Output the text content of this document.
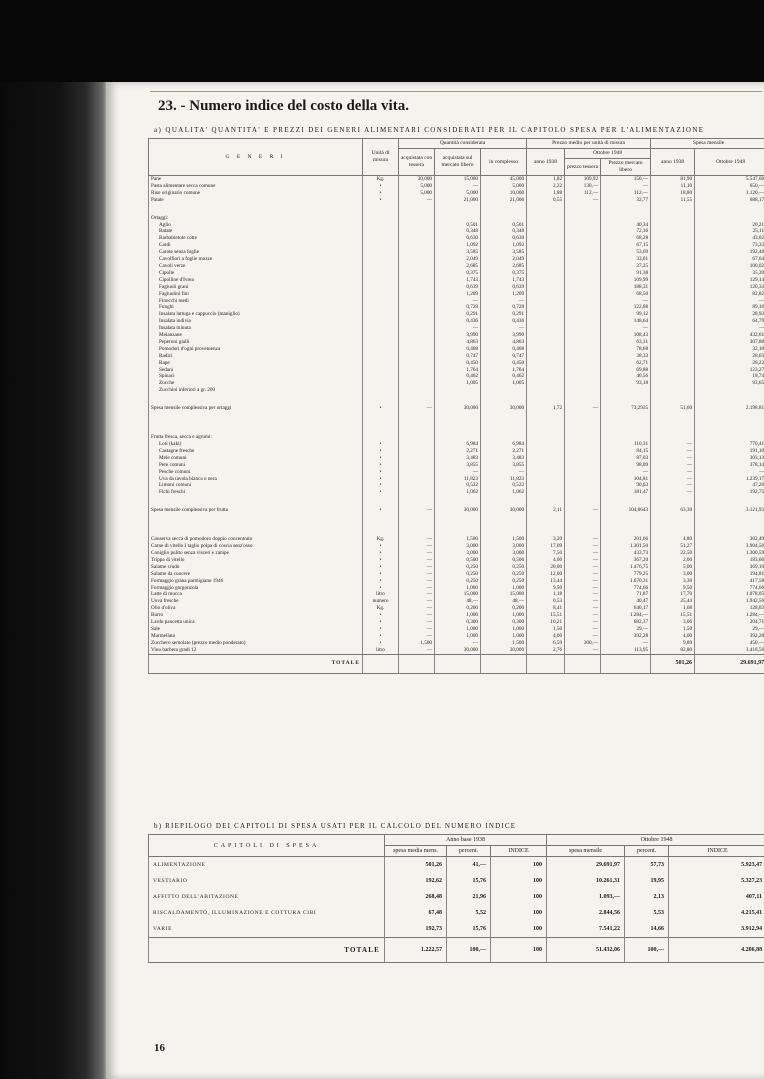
23. - Numero indice del costo della vita.
a) QUALITA' QUANTITA' E PREZZI DEI GENERI ALIMENTARI CONSIDERATI PER IL CAPITOLO SPESA PER L'ALIMENTAZIONE
G E N E R I	Unità di misura	Quantità considerata			Prezzo medio per unità di misura			Spesa mensile	
		acquistata con tessera	acquistata sul mercato libero	in complesso	anno 1938	Ottobre 1948		anno 1938	Ottobre 1948
						prezzo tessera	Prezzo mercato libero		
Pane	Kg.	30,000	15,000	45,000	1,82	109,92	150,—	81,90	5.547,60
Pasta alimentare secca comune	•	5,000	—	5,000	2,22	130,—	—	11,10	650,—
Riso originario comune	•	5,000	5,000	10,000	1,88	112,—	112,—	18,80	1.120,—
Patate	•	—	21,000	21,000	0,55	—	32,77	11,55	688,17

Ortaggi:									
Aglio			0,501	0,501			40,34		20,21
Batate			0,348	0,348			72,16		25,11
Barbabietole cotte			0,630	0,630			68,28		43,02
Cardi			1,092	1,092			67,15		73,33
Carote senza foglie			3,585	3,585			53,69		192,48
Cavolfiori a foglie mozze			2,049	2,049			33,01		67,64
Cavoli verze			2,685	2,685			37,25		100,02
Cipolle			0,375	0,375			91,38		35,39
Cipolline d'Ivrea			1,743	1,743			109,99		129,14
Fagiuoli grani			0,639	0,639			188,31		120,33
Fagiuolini fini			1,209	1,209			68,50		82,82
Finocchi medi			—	—			—		—
Funghi			0,728	0,728			122,88		89,16
Insalata lattuga e cappuccio (maniglio)			0,291	0,291			99,12		28,93
Insalata indivia			0,436	0,436			148,64		64,79
Insalata minuta			—	—			—		—
Melanzane			3,990	3,990			108,43		432,61
Peperoni gialli			4,863	4,863			63,31		307,88
Pomodori d'ogni provenienza			0,408	0,408			78,68		32,10
Radici			0,747	0,747			38,33		28,63
Rape			0,450	0,450			62,71		28,22
Sedani			1,764	1,764			69,88		123,27
Spinaci			0,462	0,462			40,56		18,74
Zucche			1,005	1,005			93,18		93,65
Zucchini inferiori a gr. 200									

Spesa mensile complessiva per ortaggi	•	—	30,000	30,000	1,72	—	73,2935	51,60	2.198,81

Frutta fresca, secca e agrumi:									
Loti (kaki)	•		6,984	6,984			110,31	—	770,41
Castagne fresche	•		2,271	2,271			84,15	—	191,10
Mele comuni	•		3,483	3,483			87,03	—	303,13
Pere comuni	•		3,855	3,855			98,09	—	378,14
Pesche comuni	•		—	—			—	—	—
Uva da tavola bianca o nera	•		11,823	11,823			104,81	—	1.239,17
Limoni comuni	•		0,522	0,522			90,63	—	47,26
Fichi freschi	•		1,062	1,062			181,47	—	192,72

Spesa mensile complessiva per frutta	•	—	30,000	30,000	2,11	—	104,0643	63,30	3.121,93

Conserva secca di pomodoro doppio concentrato	Kg.	—	1,500	1,500	3,20	—	201,66	4,80	302,49
Carne di vitello I taglio polpa di coscia senz'osso	•	—	3,000	3,000	17,09	—	1.301,50	51,27	3.904,50
Coniglio pulito senza visceri e zampe	•	—	3,000	3,000	7,50	—	433,73	22,50	1.300,59
Trippa di vitello	•	—	0,500	0,500	4,00	—	367,20	2,00	183,60
Salame crudo	•	—	0,250	0,250	20,00	—	1.476,75	5,00	369,19
Salame da cuocere	•	—	0,250	0,250	12,00	—	779,25	3,00	194,81
Formaggio grana parmigiano 1946	•	—	0,250	0,250	13,44	—	1.670,31	3,36	417,58
Formaggio gorgonzola	•	—	1,000	1,000	9,50	—	774,66	9,50	774,66
Latte di mucca	litro	—	15,000	15,000	1,18	—	71,87	17,70	1.078,05
Uova fresche	numero	—	48,—	48,—	0,53	—	40,47	25,44	1.942,56
Olio d'oliva	Kg.	—	0,200	0,200	8,41	—	640,17	1,68	128,03
Burro	•	—	1,000	1,000	15,51	—	1.284,—	15,51	1.284,—
Lardo pancetta unica	•	—	0,300	0,300	10,21	—	682,37	3,06	204,71
Sale	•	—	1,000	1,000	1,50	—	29,—	1,50	29,—
Marmellata	•	—	1,000	1,000	4,00	—	392,28	4,00	392,28
Zucchero semolato (prezzo medio ponderato)	•	1,500	—	1,500	6,59	300,—	—	9,89	450,—
Vino barbera gradi 12	litro	—	30,000	30,000	2,76	—	113,95	82,80	3.418,50
TOTALE								501,26	29.691,97
b) RIEPILOGO DEI CAPITOLI DI SPESA USATI PER IL CALCOLO DEL NUMERO INDICE
CAPITOLI DI SPESA	Anno base 1938			Ottobre 1948		
	spesa media mens.	percent.	INDICE	spesa mensile	percent.	INDICE
ALIMENTAZIONE	501,26	41,—	100	29.691,97	57,73	5.923,47
VESTIARIO	192,62	15,76	100	10.261,31	19,95	5.327,23
AFFITTO DELL'ABITAZIONE	268,48	21,96	100	1.093,—	2,13	407,11
RISCALDAMENTO, ILLUMINAZIONE E COTTURA CIBI	67,48	5,52	100	2.844,56	5,53	4.215,41
VARIE	192,73	15,76	100	7.541,22	14,66	3.912,94
TOTALE	1.222,57	100,—	100	51.432,06	100,—	4.206,88
16
